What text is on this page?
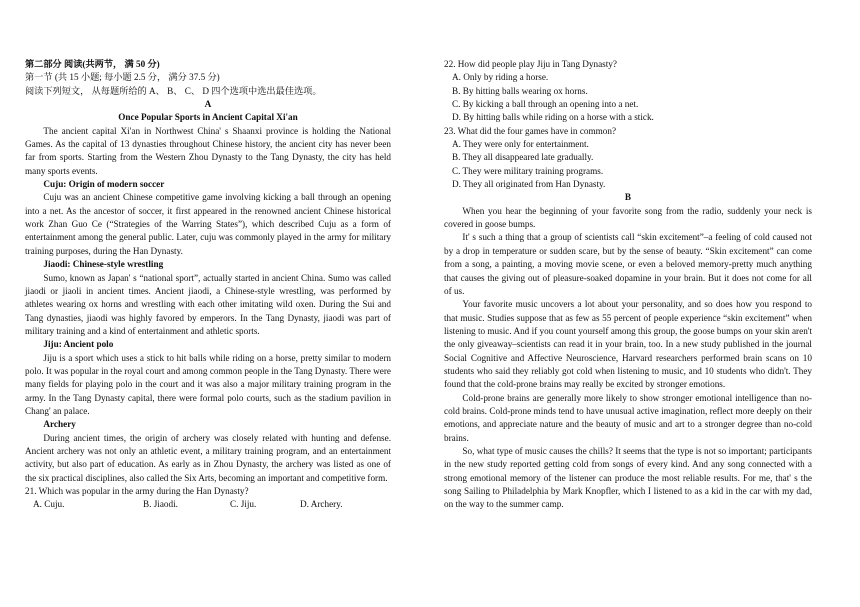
第二部分 阅读(共两节， 满 50 分)

第一节 (共 15 小题; 每小题 2.5 分， 满分 37.5 分)

阅读下列短文， 从每题所给的 A、 B、 C、 D 四个选项中选出最佳选项。

A

Once Popular Sports in Ancient Capital Xi'an

The ancient capital Xi'an in Northwest China' s Shaanxi province is holding the National Games. As the capital of 13 dynasties throughout Chinese history, the ancient city has never been far from sports. Starting from the Western Zhou Dynasty to the Tang Dynasty, the city has held many sports events.

Cuju: Origin of modern soccer

Cuju was an ancient Chinese competitive game involving kicking a ball through an opening into a net. As the ancestor of soccer, it first appeared in the renowned ancient Chinese historical work Zhan Guo Ce (“Strategies of the Warring States”), which described Cuju as a form of entertainment among the general public. Later, cuju was commonly played in the army for military training purposes, during the Han Dynasty.

Jiaodi: Chinese-style wrestling

Sumo, known as Japan' s “national sport”, actually started in ancient China. Sumo was called jiaodi or jiaoli in ancient times. Ancient jiaodi, a Chinese-style wrestling, was performed by athletes wearing ox horns and wrestling with each other imitating wild oxen. During the Sui and Tang dynasties, jiaodi was highly favored by emperors. In the Tang Dynasty, jiaodi was part of military training and a kind of entertainment and athletic sports.

Jiju: Ancient polo

Jiju is a sport which uses a stick to hit balls while riding on a horse, pretty similar to modern polo. It was popular in the royal court and among common people in the Tang Dynasty. There were many fields for playing polo in the court and it was also a major military training program in the army. In the Tang Dynasty capital, there were formal polo courts, such as the stadium pavilion in Chang' an palace.

Archery

During ancient times, the origin of archery was closely related with hunting and defense. Ancient archery was not only an athletic event, a military training program, and an entertainment activity, but also part of education. As early as in Zhou Dynasty, the archery was listed as one of the six practical disciplines, also called the Six Arts, becoming an important and competitive form.

21. Which was popular in the army during the Han Dynasty?

A. Cuju.	B. Jiaodi.	C. Jiju.	D. Archery.

22. How did people play Jiju in Tang Dynasty?

A. Only by riding a horse.

B. By hitting balls wearing ox horns.

C. By kicking a ball through an opening into a net.

D. By hitting balls while riding on a horse with a stick.

23. What did the four games have in common?

A. They were only for entertainment.

B. They all disappeared late gradually.

C. They were military training programs.

D. They all originated from Han Dynasty.

B

When you hear the beginning of your favorite song from the radio, suddenly your neck is covered in goose bumps.

It' s such a thing that a group of scientists call “skin excitement”–a feeling of cold caused not by a drop in temperature or sudden scare, but by the sense of beauty. “Skin excitement” can come from a song, a painting, a moving movie scene, or even a beloved memory-pretty much anything that causes the giving out of pleasure-soaked dopamine in your brain. But it does not come for all of us.

Your favorite music uncovers a lot about your personality, and so does how you respond to that music. Studies suppose that as few as 55 percent of people experience “skin excitement” when listening to music. And if you count yourself among this group, the goose bumps on your skin aren't the only giveaway–scientists can read it in your brain, too. In a new study published in the journal Social Cognitive and Affective Neuroscience, Harvard researchers performed brain scans on 10 students who said they reliably got cold when listening to music, and 10 students who didn't. They found that the cold-prone brains may really be excited by stronger emotions.

Cold-prone brains are generally more likely to show stronger emotional intelligence than no-cold brains. Cold-prone minds tend to have unusual active imagination, reflect more deeply on their emotions, and appreciate nature and the beauty of music and art to a stronger degree than no-cold brains.

So, what type of music causes the chills? It seems that the type is not so important; participants in the new study reported getting cold from songs of every kind. And any song connected with a strong emotional memory of the listener can produce the most reliable results. For me, that' s the song Sailing to Philadelphia by Mark Knopfler, which I listened to as a kid in the car with my dad, on the way to the summer camp.
